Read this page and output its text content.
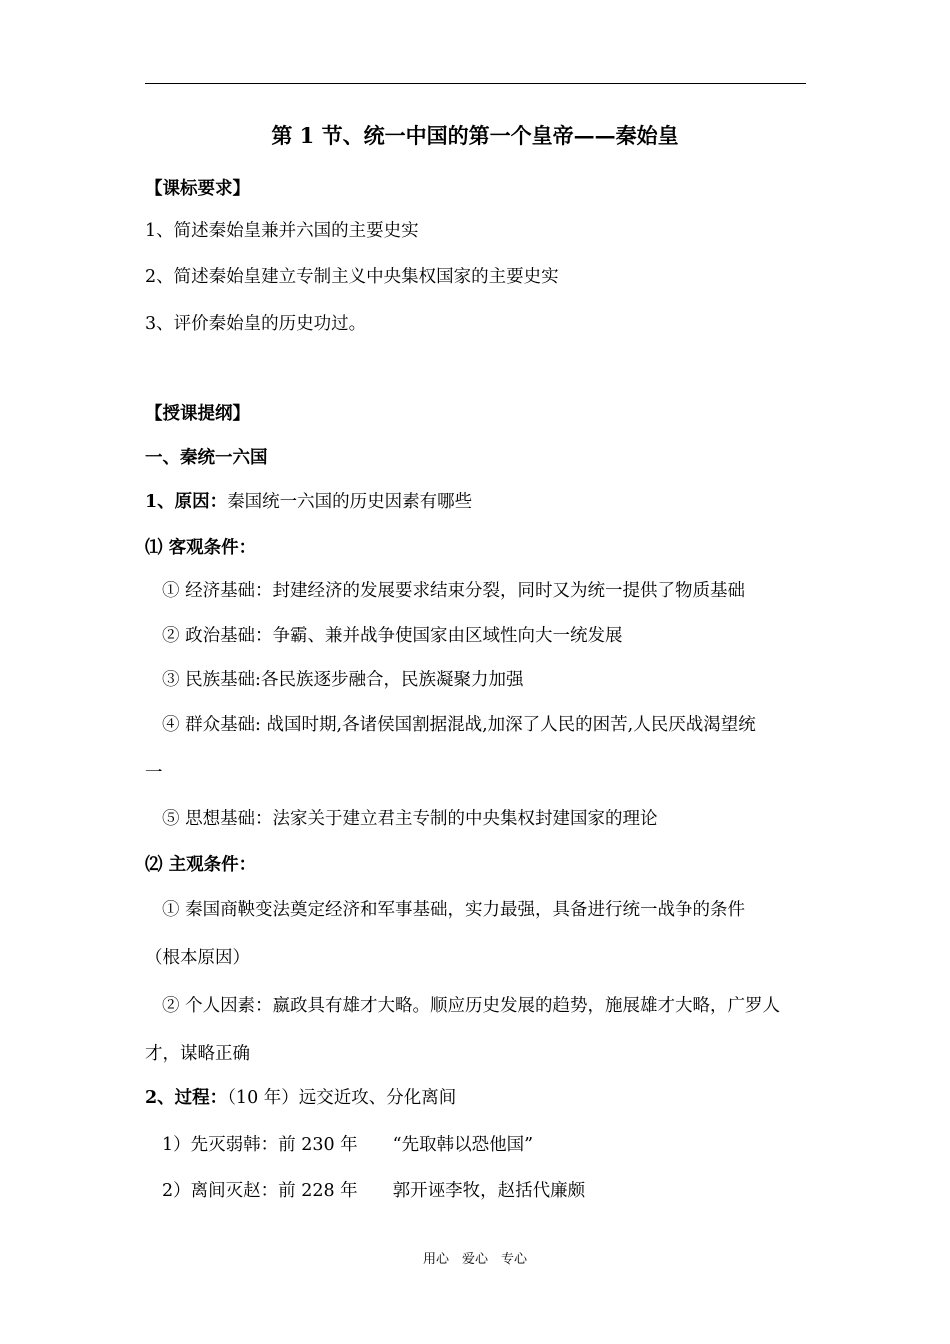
第 1 节、统一中国的第一个皇帝——秦始皇
【课标要求】
1、简述秦始皇兼并六国的主要史实
2、简述秦始皇建立专制主义中央集权国家的主要史实
3、评价秦始皇的历史功过。
【授课提纲】
一、秦统一六国
1、原因：秦国统一六国的历史因素有哪些
⑴ 客观条件：
① 经济基础：封建经济的发展要求结束分裂，同时又为统一提供了物质基础
② 政治基础：争霸、兼并战争使国家由区域性向大一统发展
③ 民族基础:各民族逐步融合，民族凝聚力加强
④ 群众基础: 战国时期,各诸侯国割据混战,加深了人民的困苦,人民厌战渴望统
一
⑤ 思想基础：法家关于建立君主专制的中央集权封建国家的理论
⑵ 主观条件：
① 秦国商鞅变法奠定经济和军事基础，实力最强，具备进行统一战争的条件
（根本原因）
② 个人因素：嬴政具有雄才大略。顺应历史发展的趋势，施展雄才大略，广罗人
才，谋略正确
2、过程：（10 年）远交近攻、分化离间
1）先灭弱韩：前 230 年　　“先取韩以恐他国”
2）离间灭赵：前 228 年　　郭开诬李牧，赵括代廉颇
用心　爱心　专心
